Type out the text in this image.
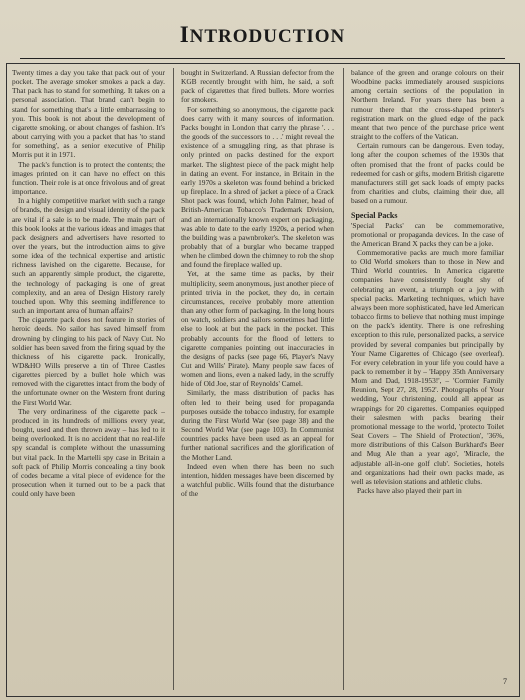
INTRODUCTION

Twenty times a day you take that pack out of your pocket. The average smoker smokes a pack a day. That pack has to stand for something. It takes on a personal association. That brand can't begin to stand for something that's a little embarrassing to you. This book is not about the development of cigarette smoking, or about changes of fashion. It's about carrying with you a packet that has 'to stand for something', as a senior executive of Philip Morris put it in 1971.

The pack's function is to protect the contents; the images printed on it can have no effect on this function. Their role is at once frivolous and of great importance.

In a highly competitive market with such a range of brands, the design and visual identity of the pack are vital if a sale is to be made. The main part of this book looks at the various ideas and images that pack designers and advertisers have resorted to over the years, but the introduction aims to give some idea of the technical expertise and artistic richness lavished on the cigarette. Because, for such an apparently simple product, the cigarette, the technology of packaging is one of great complexity, and an area of Design History rarely touched upon. Why this seeming indifference to such an important area of human affairs?

The cigarette pack does not feature in stories of heroic deeds. No sailor has saved himself from drowning by clinging to his pack of Navy Cut. No soldier has been saved from the firing squad by the thickness of his cigarette pack. Ironically, WD&HO Wills preserve a tin of Three Castles cigarettes pierced by a bullet hole which was removed with the cigarettes intact from the body of the unfortunate owner on the Western front during the First World War.

The very ordinariness of the cigarette pack – produced in its hundreds of millions every year, bought, used and then thrown away – has led to it being overlooked. It is no accident that no real-life spy scandal is complete without the unassuming but vital pack. In the Martelli spy case in Britain a soft pack of Philip Morris concealing a tiny book of codes became a vital piece of evidence for the prosecution when it turned out to be a pack that could only have been

bought in Switzerland. A Russian defector from the KGB recently brought with him, he said, a soft pack of cigarettes that fired bullets. More worries for smokers.

For something so anonymous, the cigarette pack does carry with it many sources of information. Packs bought in London that carry the phrase '. . . the goods of the successors to . . .' might reveal the existence of a smuggling ring, as that phrase is only printed on packs destined for the export market. The slightest piece of the pack might help in dating an event. For instance, in Britain in the early 1970s a skeleton was found behind a bricked up fireplace. In a shred of jacket a piece of a Crack Shot pack was found, which John Palmer, head of British-American Tobacco's Trademark Division, and an internationally known expert on packaging, was able to date to the early 1920s, a period when the building was a pawnbroker's. The skeleton was probably that of a burglar who became trapped when he climbed down the chimney to rob the shop and found the fireplace walled up.

Yet, at the same time as packs, by their multiplicity, seem anonymous, just another piece of printed trivia in the pocket, they do, in certain circumstances, receive probably more attention than any other form of packaging. In the long hours on watch, soldiers and sailors sometimes had little else to look at but the pack in the pocket. This probably accounts for the flood of letters to cigarette companies pointing out inaccuracies in the designs of packs (see page 66, Player's Navy Cut and Wills' Pirate). Many people saw faces of women and lions, even a naked lady, in the scruffy hide of Old Joe, star of Reynolds' Camel.

Similarly, the mass distribution of packs has often led to their being used for propaganda purposes outside the tobacco industry, for example during the First World War (see page 38) and the Second World War (see page 103). In Communist countries packs have been used as an appeal for further national sacrifices and the glorification of the Mother Land.

Indeed even when there has been no such intention, hidden messages have been discerned by a watchful public. Wills found that the disturbance of the

balance of the green and orange colours on their Woodbine packs immediately aroused suspicions among certain sections of the population in Northern Ireland. For years there has been a rumour there that the cross-shaped printer's registration mark on the glued edge of the pack meant that two pence of the purchase price went straight to the coffers of the Vatican.

Certain rumours can be dangerous. Even today, long after the coupon schemes of the 1930s that often promised that the front of packs could be redeemed for cash or gifts, modern British cigarette manufacturers still get sack loads of empty packs from charities and clubs, claiming their due, all based on a rumour.

Special Packs

'Special Packs' can be commemorative, promotional or propaganda devices. In the case of the American Brand X packs they can be a joke.

Commemorative packs are much more familiar to Old World smokers than to those in New and Third World countries. In America cigarette companies have consistently fought shy of celebrating an event, a triumph or a joy with special packs. Marketing techniques, which have always been more sophisticated, have led American tobacco firms to believe that nothing must impinge on the pack's identity. There is one refreshing exception to this rule, personalized packs, a service provided by several companies but principally by Your Name Cigarettes of Chicago (see overleaf). For every celebration in your life you could have a pack to remember it by – 'Happy 35th Anniversary Mom and Dad, 1918-1953!', – 'Cormier Family Reunion, Sept 27, 28, 1952'. Photographs of Your wedding, Your christening, could all appear as wrappings for 20 cigarettes. Companies equipped their salesmen with packs bearing their promotional message to the world, 'protecto Toilet Seat Covers – The Shield of Protection', '36%, more distributions of this Calson Burkhard's Beer and Mug Ale than a year ago', 'Miracle, the adjustable all-in-one golf club'. Societies, hotels and organizations had their own packs made, as well as television stations and athletic clubs.

Packs have also played their part in

7
